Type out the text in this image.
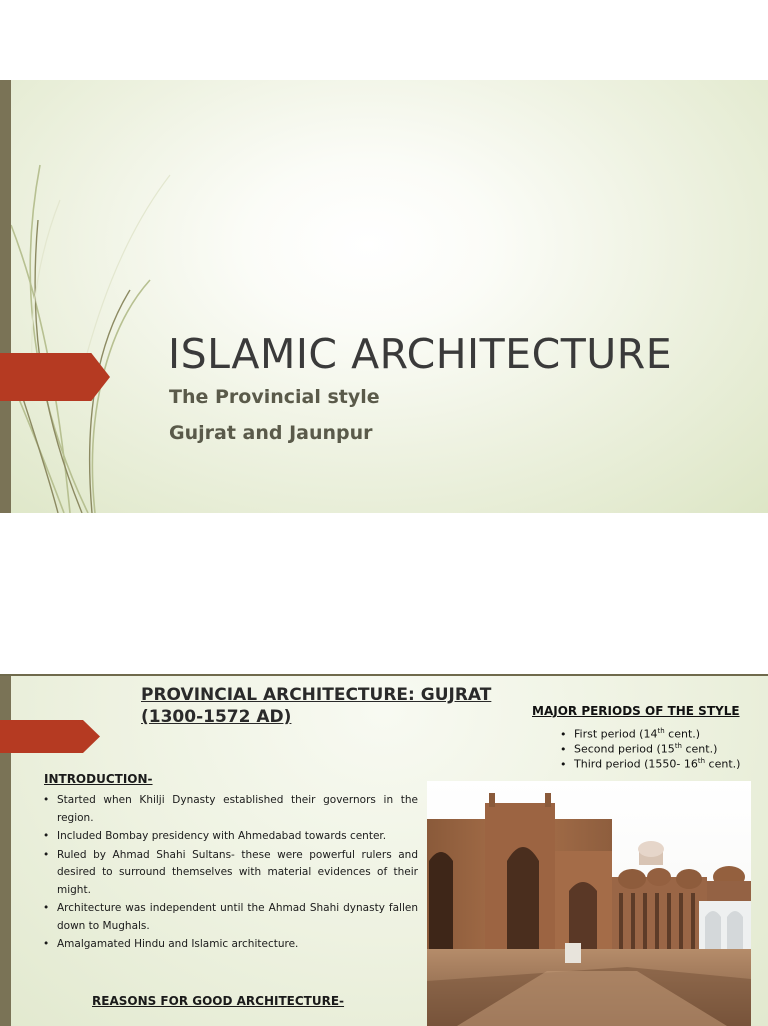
ISLAMIC ARCHITECTURE
The Provincial style
Gujrat and Jaunpur
PROVINCIAL ARCHITECTURE: GUJRAT (1300-1572 AD)	MAJOR PERIODS OF THE STYLE
• First period (14th cent.)
• Second period (15th cent.)
• Third period (1550- 16th cent.)
INTRODUCTION-
• Started when Khilji Dynasty established their governors in the region.
• Included Bombay presidency with Ahmedabad towards center.
• Ruled by Ahmad Shahi Sultans- these were powerful rulers and desired to surround themselves with material evidences of their might.
• Architecture was independent until the Ahmad Shahi dynasty fallen down to Mughals.
• Amalgamated Hindu and Islamic architecture.
REASONS FOR GOOD ARCHITECTURE-
